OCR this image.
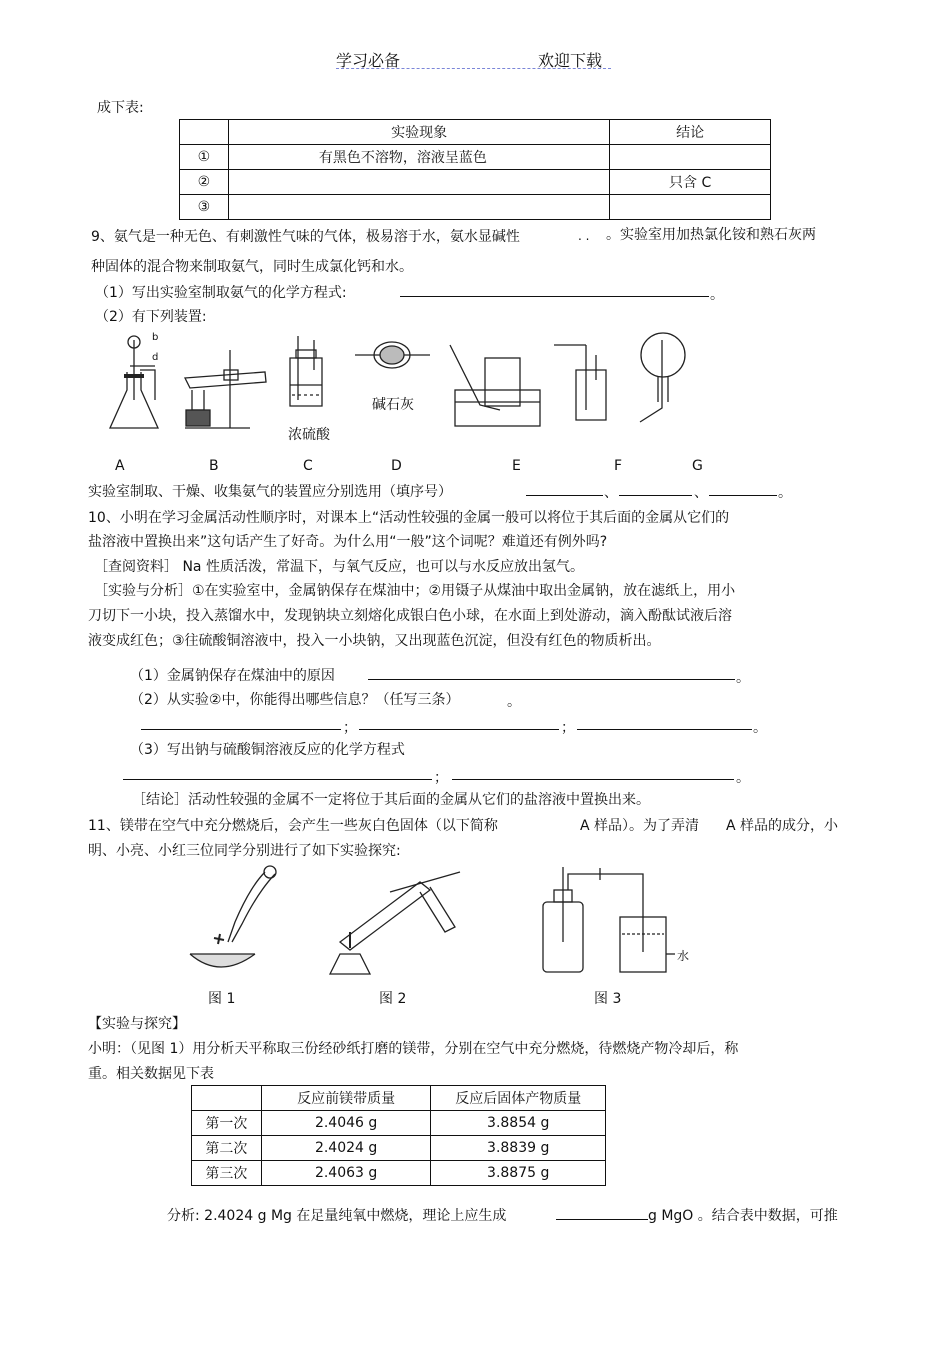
学习必备	欢迎下载
成下表:
	实验现象	结论
①	有黑色不溶物，溶液呈蓝色	
②		只含 C
③		
9、氨气是一种无色、有刺激性气味的气体，极易溶于水，氨水显碱性	. . 。实验室用加热氯化铵和熟石灰两
种固体的混合物来制取氨气，同时生成氯化钙和水。
（1）写出实验室制取氨气的化学方程式:	。
（2）有下列装置:
b
d
碱石灰
浓硫酸
A	B	C	D	E	F	G
实验室制取、干燥、收集氨气的装置应分别选用（填序号）	、	、	。
10、小明在学习金属活动性顺序时，对课本上“活动性较强的金属一般可以将位于其后面的金属从它们的
盐溶液中置换出来”这句话产生了好奇。为什么用“一般”这个词呢？难道还有例外吗?
［查阅资料］ Na 性质活泼，常温下，与氧气反应，也可以与水反应放出氢气。
［实验与分析］①在实验室中，金属钠保存在煤油中；②用镊子从煤油中取出金属钠，放在滤纸上，用小
刀切下一小块，投入蒸馏水中，发现钠块立刻熔化成银白色小球，在水面上到处游动，滴入酚酞试液后溶
液变成红色；③往硫酸铜溶液中，投入一小块钠，又出现蓝色沉淀，但没有红色的物质析出。
（1）金属钠保存在煤油中的原因	。
（2）从实验②中，你能得出哪些信息？（任写三条）	。
；	；	。
（3）写出钠与硫酸铜溶液反应的化学方程式
；	。
［结论］活动性较强的金属不一定将位于其后面的金属从它们的盐溶液中置换出来。
11、镁带在空气中充分燃烧后，会产生一些灰白色固体（以下简称	A 样品）。为了弄清 A 样品的成分，小
明、小亮、小红三位同学分别进行了如下实验探究:
水
图 1	图 2	图 3
【实验与探究】
小明：（见图 1）用分析天平称取三份经砂纸打磨的镁带，分别在空气中充分燃烧，待燃烧产物冷却后，称
重。相关数据见下表
	反应前镁带质量	反应后固体产物质量
第一次	2.4046 g	3.8854 g
第二次	2.4024 g	3.8839 g
第三次	2.4063 g	3.8875 g
分析: 2.4024 g Mg 在足量纯氧中燃烧，理论上应生成	g MgO 。结合表中数据，可推
